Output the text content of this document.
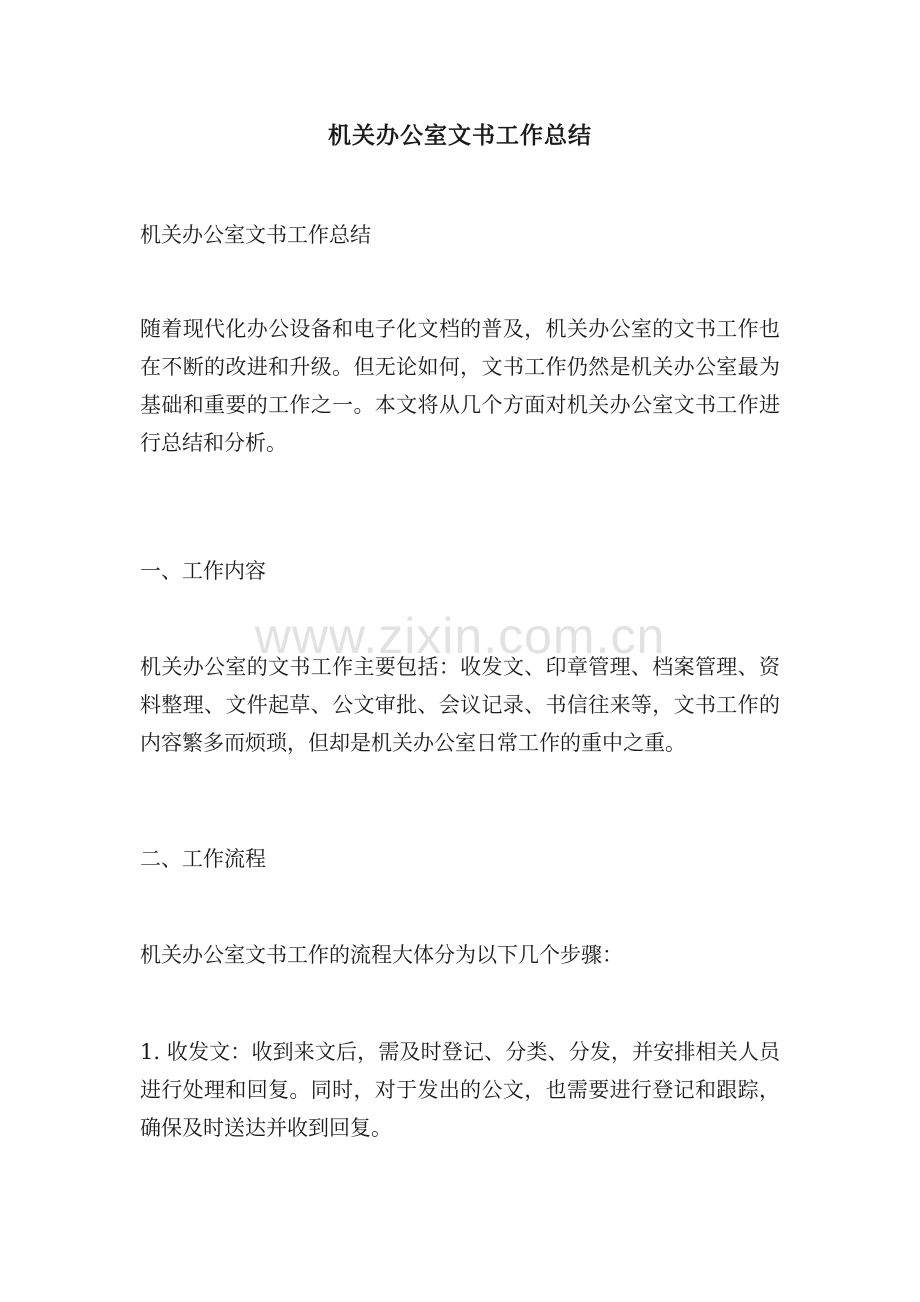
机关办公室文书工作总结

机关办公室文书工作总结

随着现代化办公设备和电子化文档的普及，机关办公室的文书工作也在不断的改进和升级。但无论如何，文书工作仍然是机关办公室最为基础和重要的工作之一。本文将从几个方面对机关办公室文书工作进行总结和分析。

一、工作内容

机关办公室的文书工作主要包括：收发文、印章管理、档案管理、资料整理、文件起草、公文审批、会议记录、书信往来等，文书工作的内容繁多而烦琐，但却是机关办公室日常工作的重中之重。

二、工作流程

机关办公室文书工作的流程大体分为以下几个步骤：

1. 收发文：收到来文后，需及时登记、分类、分发，并安排相关人员进行处理和回复。同时，对于发出的公文，也需要进行登记和跟踪，确保及时送达并收到回复。

www.zixin.com.cn
